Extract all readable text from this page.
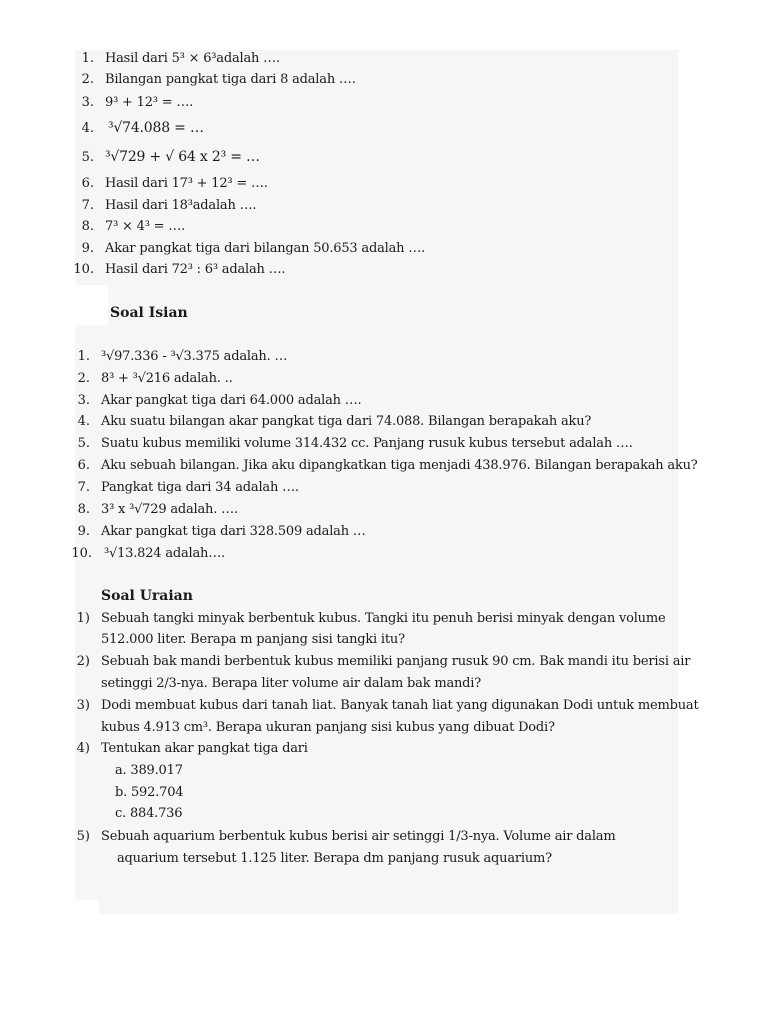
1. Hasil dari 5³ × 6³adalah ….
2. Bilangan pangkat tiga dari 8 adalah ….
3. 9³ + 12³ = ….
4. ³√74.088 = …
5. ³√729 + √ 64 x 2³ = …
6. Hasil dari 17³ + 12³ = ….
7. Hasil dari 18³adalah ….
8. 7³ × 4³ = ….
9. Akar pangkat tiga dari bilangan 50.653 adalah ….
10. Hasil dari 72³ : 6³ adalah ….
Soal Isian
1. ³√97.336 - ³√3.375 adalah. …
2. 8³ + ³√216 adalah. ..
3. Akar pangkat tiga dari 64.000 adalah ….
4. Aku suatu bilangan akar pangkat tiga dari 74.088. Bilangan berapakah aku?
5. Suatu kubus memiliki volume 314.432 cc. Panjang rusuk kubus tersebut adalah ….
6. Aku sebuah bilangan. Jika aku dipangkatkan tiga menjadi 438.976. Bilangan berapakah aku?
7. Pangkat tiga dari 34 adalah ….
8. 3³ x ³√729 adalah. ….
9. Akar pangkat tiga dari 328.509 adalah …
10. ³√13.824 adalah….
Soal Uraian
1) Sebuah tangki minyak berbentuk kubus. Tangki itu penuh berisi minyak dengan volume
512.000 liter. Berapa m panjang sisi tangki itu?
2) Sebuah bak mandi berbentuk kubus memiliki panjang rusuk 90 cm. Bak mandi itu berisi air
setinggi 2/3-nya. Berapa liter volume air dalam bak mandi?
3) Dodi membuat kubus dari tanah liat. Banyak tanah liat yang digunakan Dodi untuk membuat
kubus 4.913 cm³. Berapa ukuran panjang sisi kubus yang dibuat Dodi?
4) Tentukan akar pangkat tiga dari
a. 389.017
b. 592.704
c. 884.736
5) Sebuah aquarium berbentuk kubus berisi air setinggi 1/3-nya. Volume air dalam
aquarium tersebut 1.125 liter. Berapa dm panjang rusuk aquarium?
